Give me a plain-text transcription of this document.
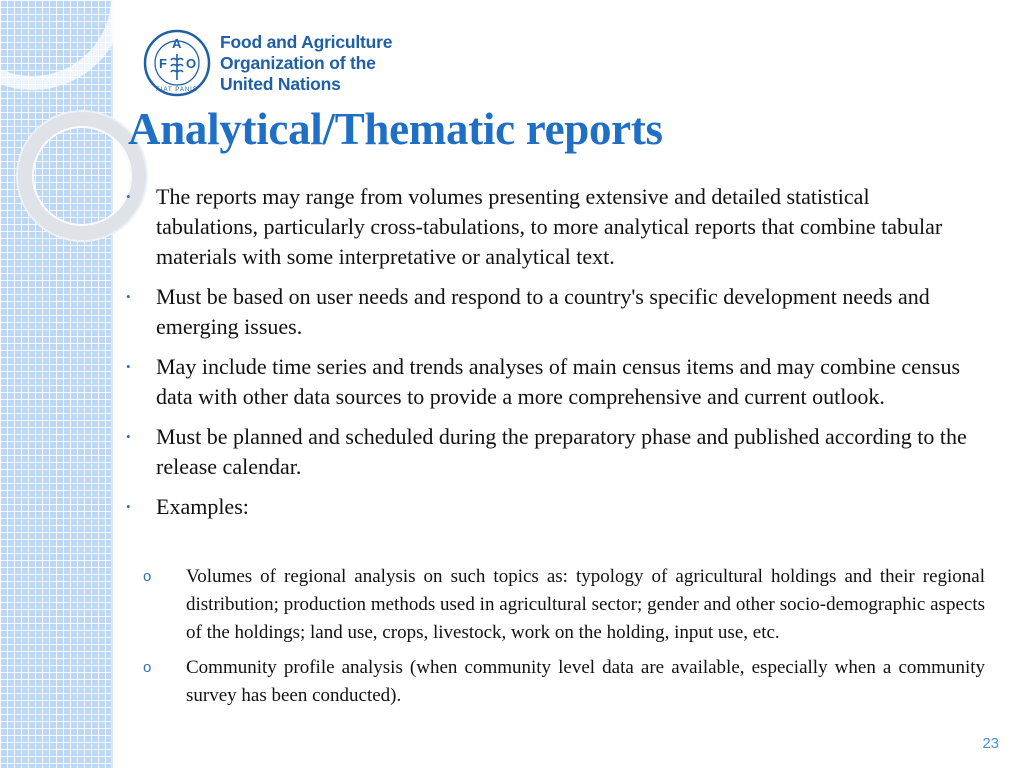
F
A
O
FIAT PANIS
Food and Agriculture
Organization of the
United Nations
Analytical/Thematic reports
• The reports may range from volumes presenting extensive and detailed statistical tabulations, particularly cross-tabulations, to more analytical reports that combine tabular materials with some interpretative or analytical text.
• Must be based on user needs and respond to a country's specific development needs and emerging issues.
• May include time series and trends analyses of main census items and may combine census data with other data sources to provide a more comprehensive and current outlook.
• Must be planned and scheduled during the preparatory phase and published according to the release calendar.
• Examples:
o Volumes of regional analysis on such topics as: typology of agricultural holdings and their regional distribution; production methods used in agricultural sector; gender and other socio-demographic aspects of the holdings; land use, crops, livestock, work on the holding, input use, etc.
o Community profile analysis (when community level data are available, especially when a community survey has been conducted).
23
